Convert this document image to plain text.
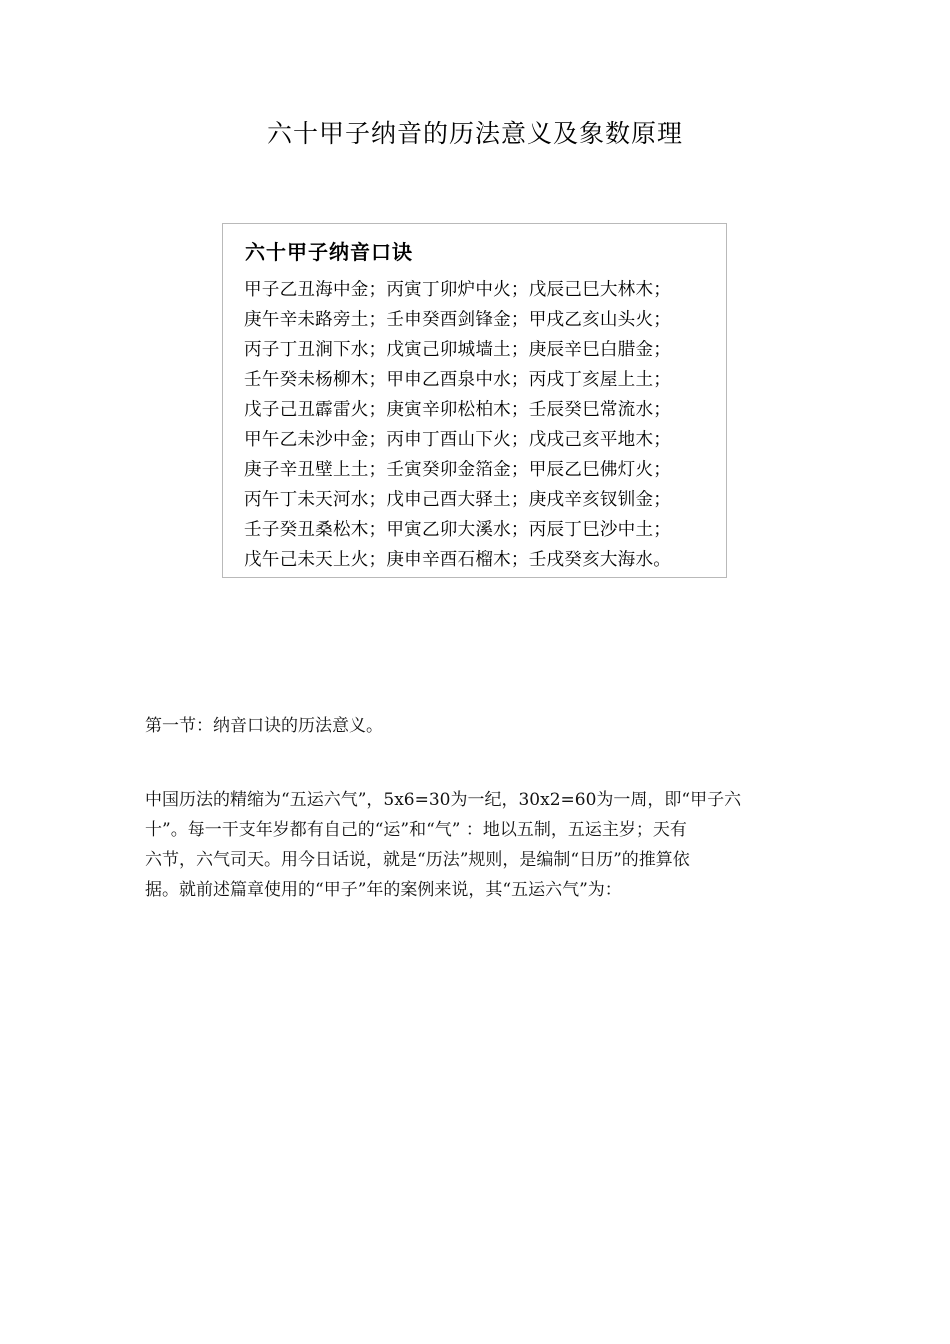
六十甲子纳音的历法意义及象数原理
六十甲子纳音口诀
甲子乙丑海中金；丙寅丁卯炉中火；戊辰己巳大林木；
庚午辛未路旁土；壬申癸酉剑锋金；甲戌乙亥山头火；
丙子丁丑涧下水；戊寅己卯城墙土；庚辰辛巳白腊金；
壬午癸未杨柳木；甲申乙酉泉中水；丙戌丁亥屋上土；
戊子己丑霹雷火；庚寅辛卯松柏木；壬辰癸巳常流水；
甲午乙未沙中金；丙申丁酉山下火；戊戌己亥平地木；
庚子辛丑壁上土；壬寅癸卯金箔金；甲辰乙巳佛灯火；
丙午丁未天河水；戊申己酉大驿土；庚戌辛亥钗钏金；
壬子癸丑桑松木；甲寅乙卯大溪水；丙辰丁巳沙中土；
戊午己未天上火；庚申辛酉石榴木；壬戌癸亥大海水。
第一节：纳音口诀的历法意义。

中国历法的精缩为“五运六气”，5x6=30为一纪，30x2=60为一周，即“甲子六
十”。每一干支年岁都有自己的“运”和“气” ：地以五制，五运主岁；天有
六节，六气司天。用今日话说，就是“历法”规则，是编制“日历”的推算依
据。就前述篇章使用的“甲子”年的案例来说，其“五运六气”为：
